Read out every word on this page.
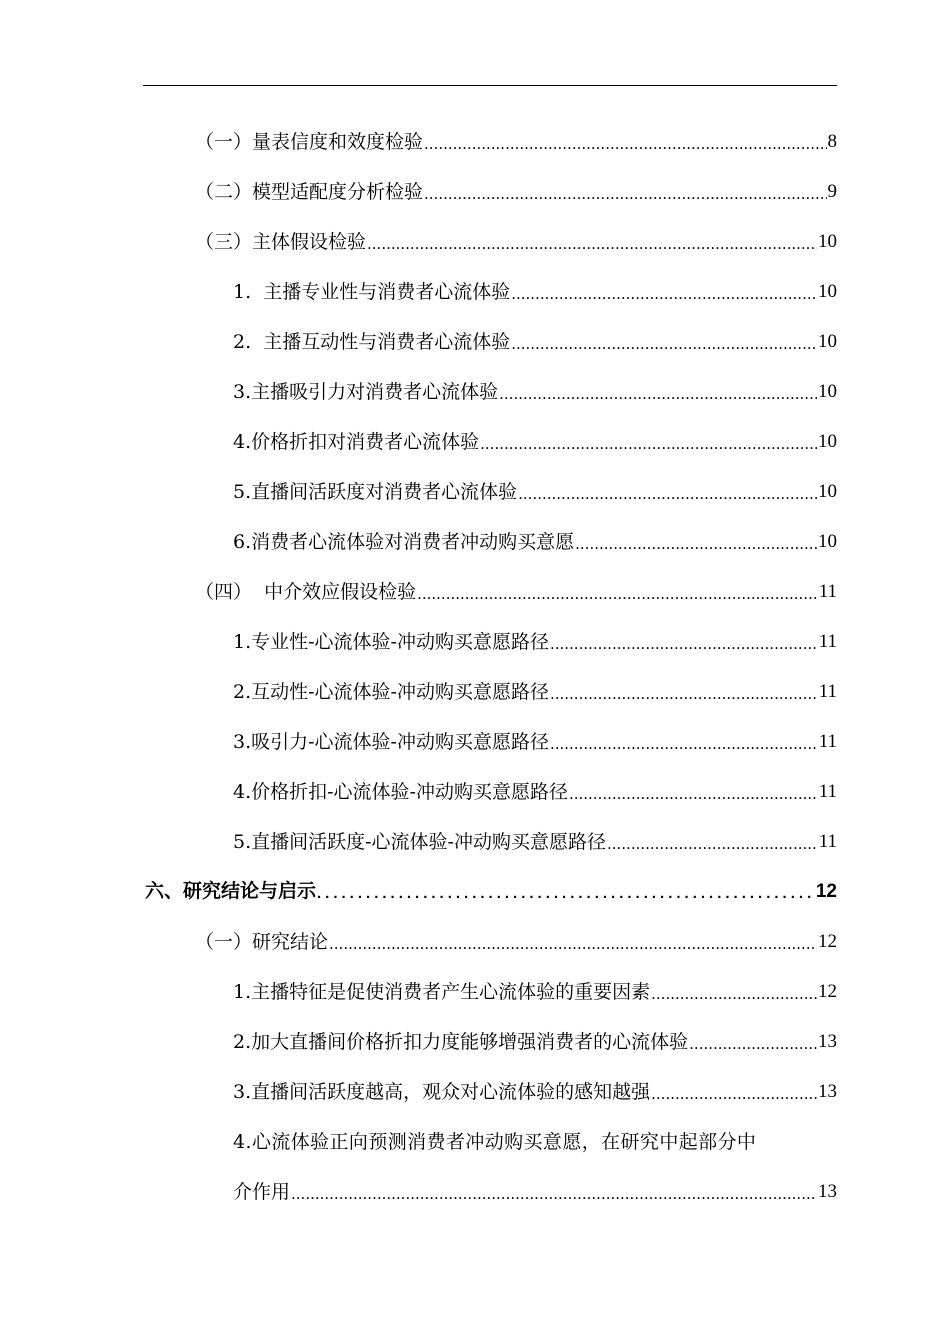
（一）量表信度和效度检验 .....	8
（二）模型适配度分析检验 .....	9
（三）主体假设检验 .....	10
1.  主播专业性与消费者心流体验 .....	10
2.  主播互动性与消费者心流体验 .....	10
3.主播吸引力对消费者心流体验 .....	10
4.价格折扣对消费者心流体验 .....	10
5.直播间活跃度对消费者心流体验 .....	10
6.消费者心流体验对消费者冲动购买意愿 .....	10
（四）  中介效应假设检验 .....	11
1.专业性-心流体验-冲动购买意愿路径 .....	11
2.互动性-心流体验-冲动购买意愿路径 .....	11
3.吸引力-心流体验-冲动购买意愿路径 .....	11
4.价格折扣-心流体验-冲动购买意愿路径 .....	11
5.直播间活跃度-心流体验-冲动购买意愿路径 .....	11
六、研究结论与启示 .....	12
（一）研究结论 .....	12
1.主播特征是促使消费者产生心流体验的重要因素 .....	12
2.加大直播间价格折扣力度能够增强消费者的心流体验 .....	13
3.直播间活跃度越高，观众对心流体验的感知越强 .....	13
4.心流体验正向预测消费者冲动购买意愿，在研究中起部分中
介作用 .....	13
